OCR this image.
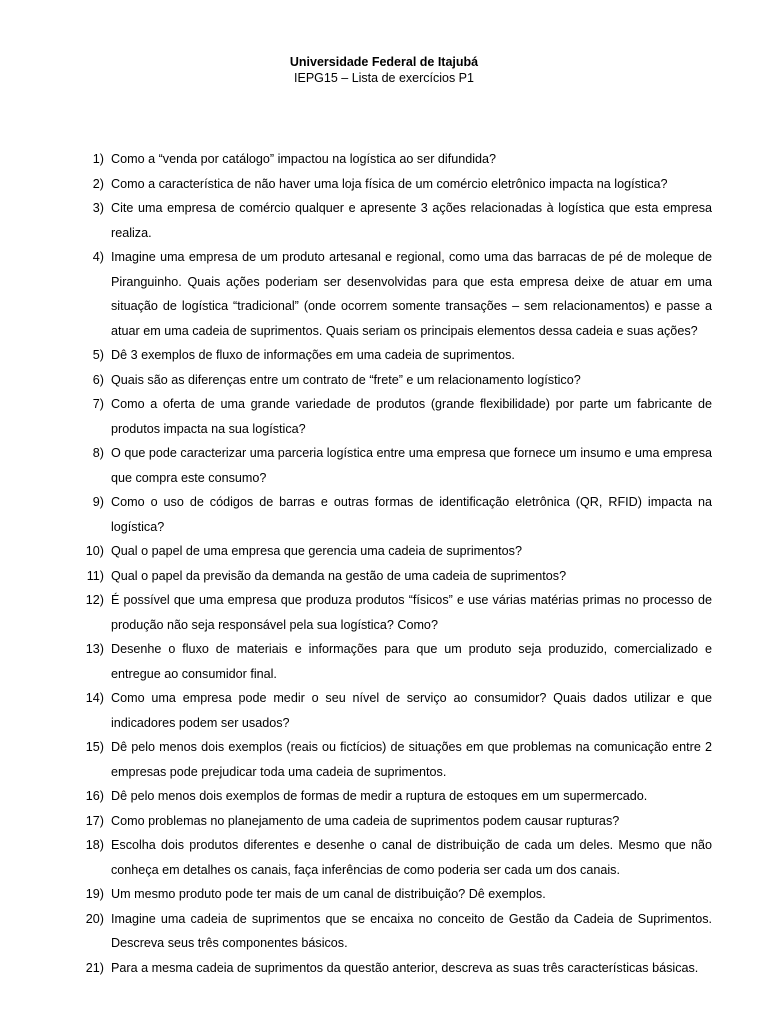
Universidade Federal de Itajubá
IEPG15 – Lista de exercícios P1
1) Como a “venda por catálogo” impactou na logística ao ser difundida?
2) Como a característica de não haver uma loja física de um comércio eletrônico impacta na logística?
3) Cite uma empresa de comércio qualquer e apresente 3 ações relacionadas à logística que esta empresa realiza.
4) Imagine uma empresa de um produto artesanal e regional, como uma das barracas de pé de moleque de Piranguinho. Quais ações poderiam ser desenvolvidas para que esta empresa deixe de atuar em uma situação de logística “tradicional” (onde ocorrem somente transações – sem relacionamentos) e passe a atuar em uma cadeia de suprimentos. Quais seriam os principais elementos dessa cadeia e suas ações?
5) Dê 3 exemplos de fluxo de informações em uma cadeia de suprimentos.
6) Quais são as diferenças entre um contrato de “frete” e um relacionamento logístico?
7) Como a oferta de uma grande variedade de produtos (grande flexibilidade) por parte um fabricante de produtos impacta na sua logística?
8) O que pode caracterizar uma parceria logística entre uma empresa que fornece um insumo e uma empresa que compra este consumo?
9) Como o uso de códigos de barras e outras formas de identificação eletrônica (QR, RFID) impacta na logística?
10) Qual o papel de uma empresa que gerencia uma cadeia de suprimentos?
11) Qual o papel da previsão da demanda na gestão de uma cadeia de suprimentos?
12) É possível que uma empresa que produza produtos “físicos” e use várias matérias primas no processo de produção não seja responsável pela sua logística? Como?
13) Desenhe o fluxo de materiais e informações para que um produto seja produzido, comercializado e entregue ao consumidor final.
14) Como uma empresa pode medir o seu nível de serviço ao consumidor? Quais dados utilizar e que indicadores podem ser usados?
15) Dê pelo menos dois exemplos (reais ou fictícios) de situações em que problemas na comunicação entre 2 empresas pode prejudicar toda uma cadeia de suprimentos.
16) Dê pelo menos dois exemplos de formas de medir a ruptura de estoques em um supermercado.
17) Como problemas no planejamento de uma cadeia de suprimentos podem causar rupturas?
18) Escolha dois produtos diferentes e desenhe o canal de distribuição de cada um deles. Mesmo que não conheça em detalhes os canais, faça inferências de como poderia ser cada um dos canais.
19) Um mesmo produto pode ter mais de um canal de distribuição? Dê exemplos.
20) Imagine uma cadeia de suprimentos que se encaixa no conceito de Gestão da Cadeia de Suprimentos. Descreva seus três componentes básicos.
21) Para a mesma cadeia de suprimentos da questão anterior, descreva as suas três características básicas.
